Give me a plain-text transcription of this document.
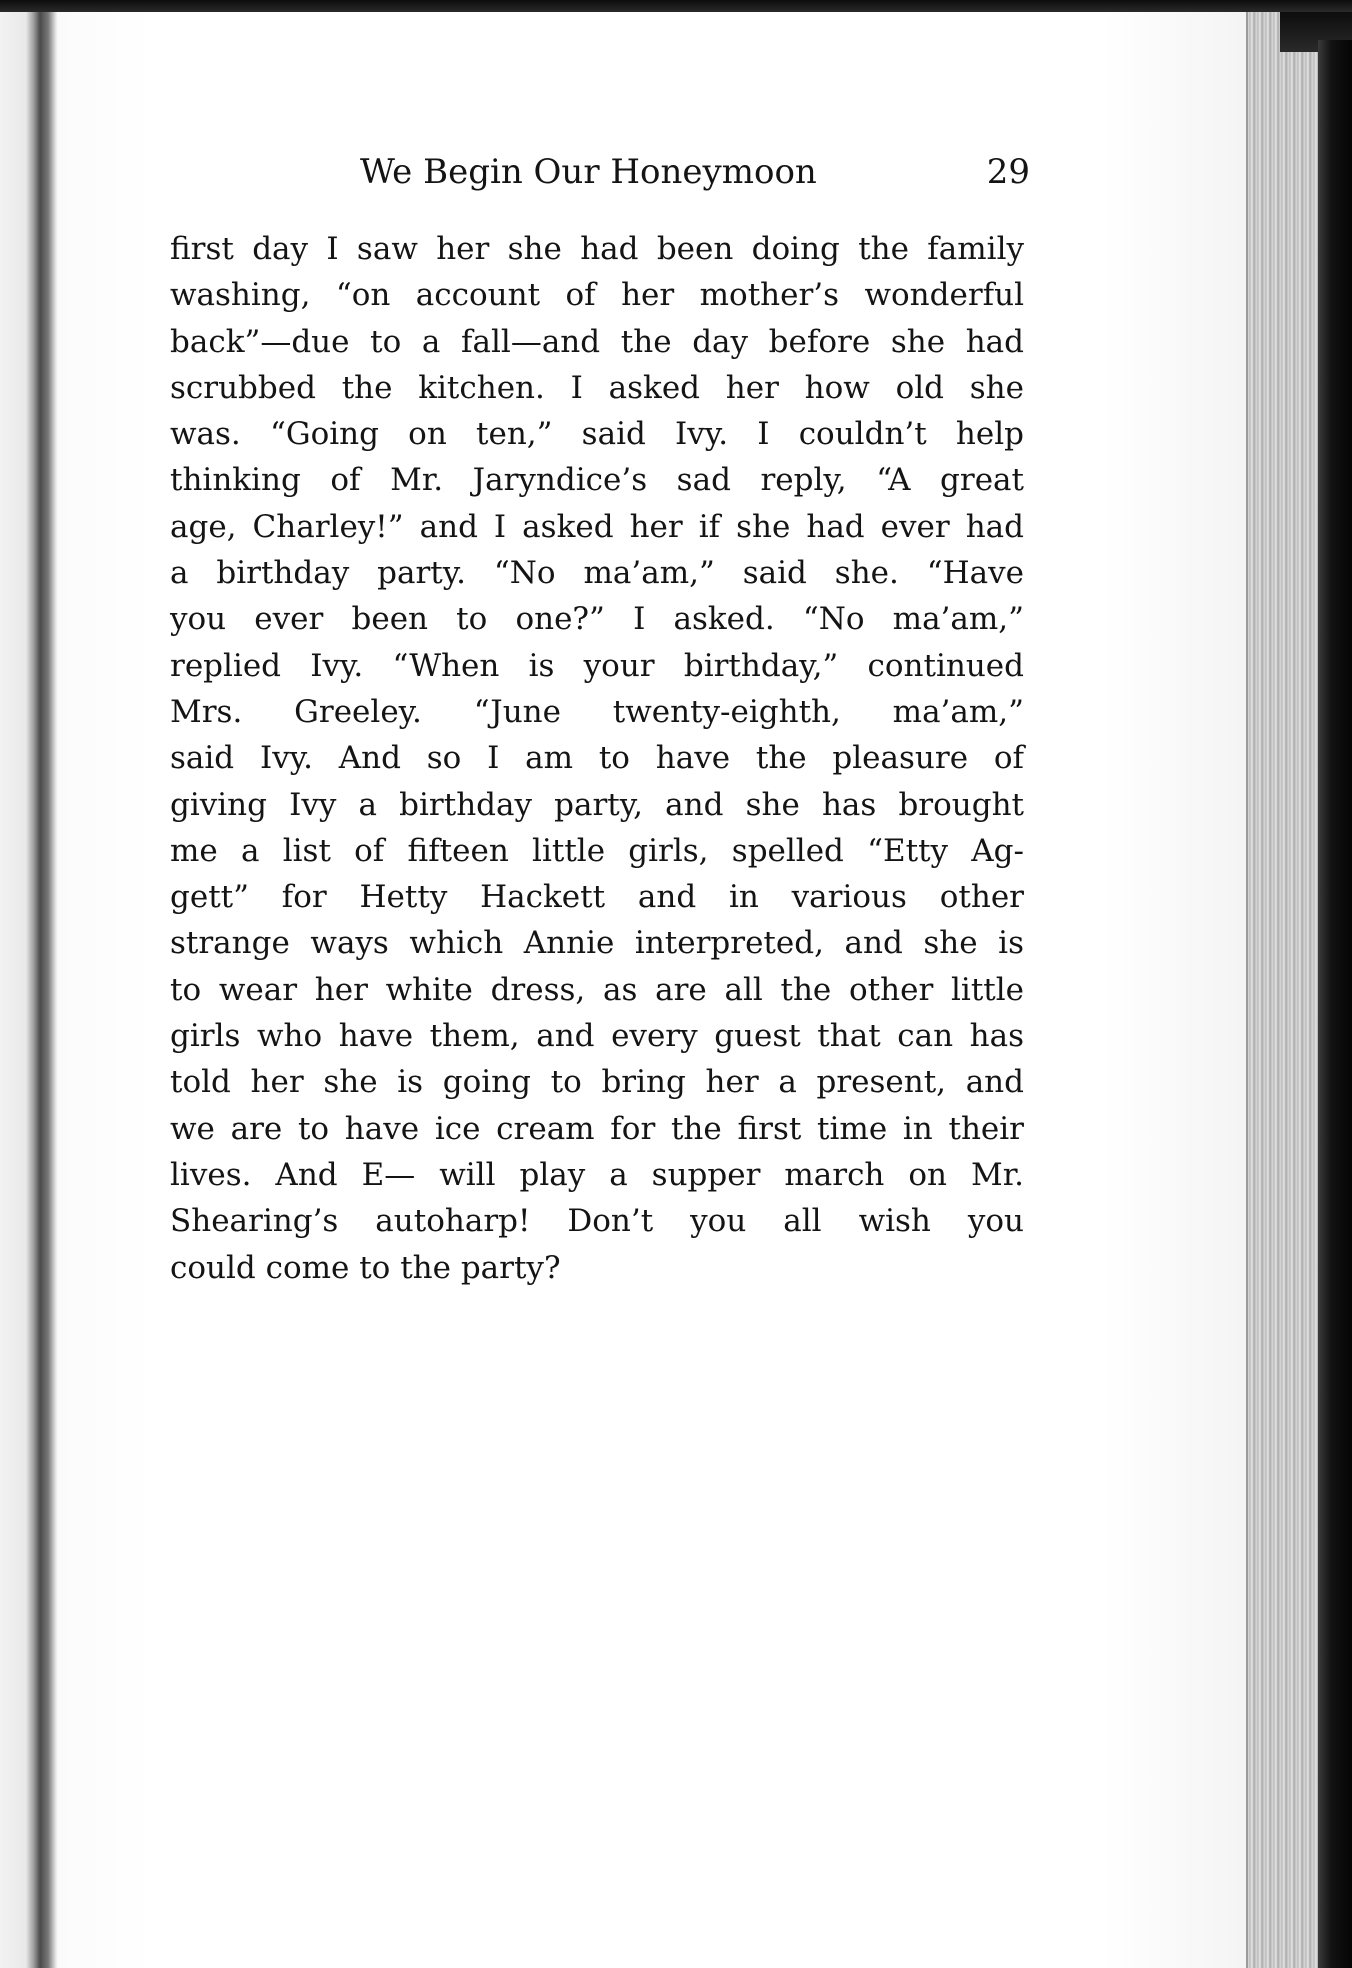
We Begin Our Honeymoon	29
first day I saw her she had been doing the family
washing, “on account of her mother’s wonderful
back”—due to a fall—and the day before she had
scrubbed the kitchen. I asked her how old she
was. “Going on ten,” said Ivy. I couldn’t help
thinking of Mr. Jaryndice’s sad reply, “A great
age, Charley!” and I asked her if she had ever had
a birthday party. “No ma’am,” said she. “Have
you ever been to one?” I asked. “No ma’am,”
replied Ivy. “When is your birthday,” continued
Mrs. Greeley. “June twenty-eighth, ma’am,”
said Ivy. And so I am to have the pleasure of
giving Ivy a birthday party, and she has brought
me a list of fifteen little girls, spelled “Etty Ag-
gett” for Hetty Hackett and in various other
strange ways which Annie interpreted, and she is
to wear her white dress, as are all the other little
girls who have them, and every guest that can has
told her she is going to bring her a present, and
we are to have ice cream for the first time in their
lives. And E— will play a supper march on Mr.
Shearing’s autoharp! Don’t you all wish you
could come to the party?
